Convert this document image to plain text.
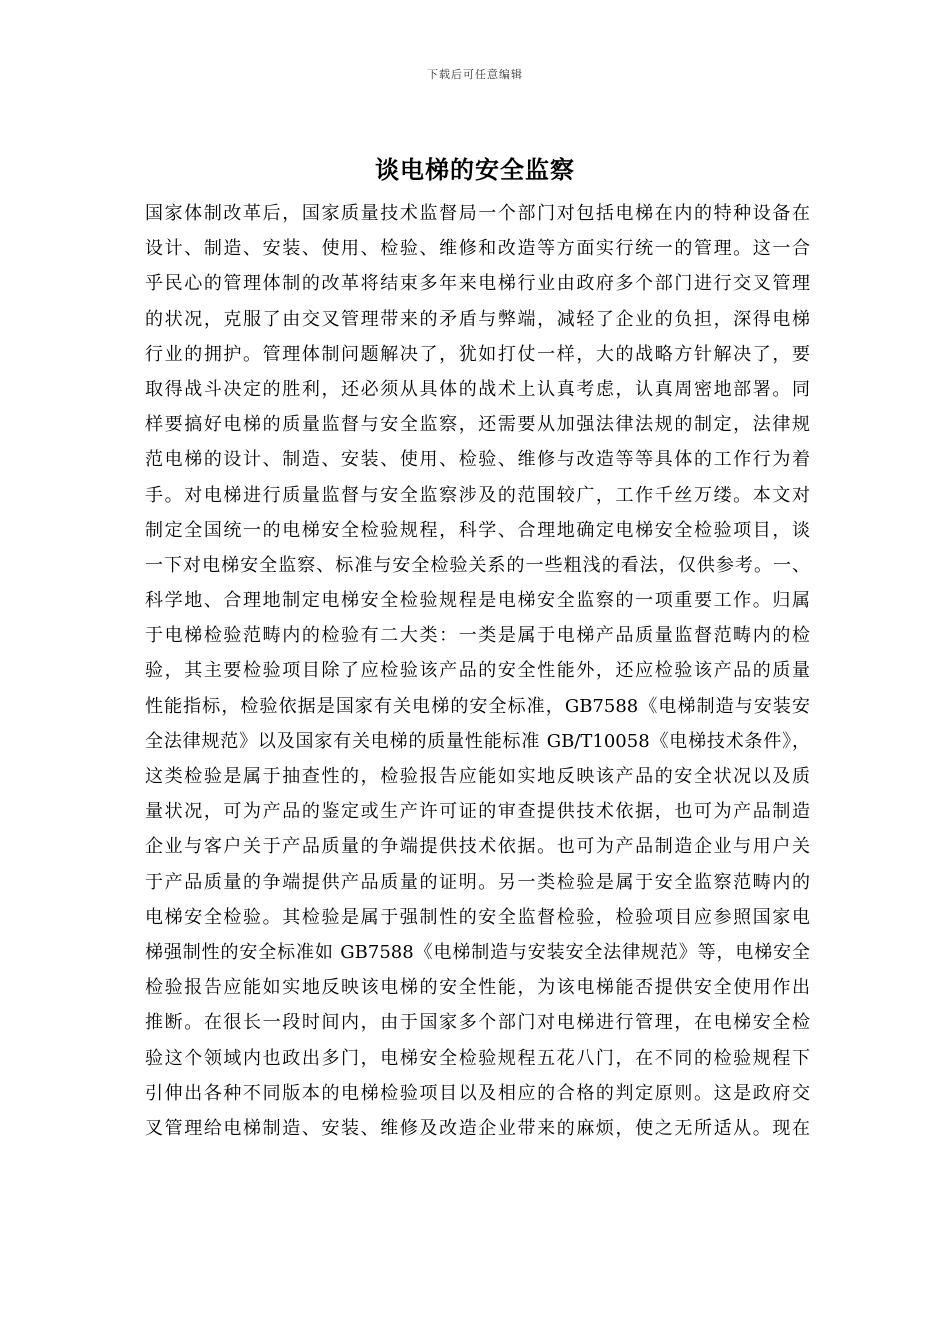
下载后可任意编辑
谈电梯的安全监察
国家体制改革后，国家质量技术监督局一个部门对包括电梯在内的特种设备在
设计、制造、安装、使用、检验、维修和改造等方面实行统一的管理。这一合
乎民心的管理体制的改革将结束多年来电梯行业由政府多个部门进行交叉管理
的状况，克服了由交叉管理带来的矛盾与弊端，减轻了企业的负担，深得电梯
行业的拥护。管理体制问题解决了，犹如打仗一样，大的战略方针解决了，要
取得战斗决定的胜利，还必须从具体的战术上认真考虑，认真周密地部署。同
样要搞好电梯的质量监督与安全监察，还需要从加强法律法规的制定，法律规
范电梯的设计、制造、安装、使用、检验、维修与改造等等具体的工作行为着
手。对电梯进行质量监督与安全监察涉及的范围较广，工作千丝万缕。本文对
制定全国统一的电梯安全检验规程，科学、合理地确定电梯安全检验项目，谈
一下对电梯安全监察、标准与安全检验关系的一些粗浅的看法，仅供参考。一、
科学地、合理地制定电梯安全检验规程是电梯安全监察的一项重要工作。归属
于电梯检验范畴内的检验有二大类：一类是属于电梯产品质量监督范畴内的检
验，其主要检验项目除了应检验该产品的安全性能外，还应检验该产品的质量
性能指标，检验依据是国家有关电梯的安全标准，GB7588《电梯制造与安装安
全法律规范》以及国家有关电梯的质量性能标准 GB/T10058《电梯技术条件》，
这类检验是属于抽查性的，检验报告应能如实地反映该产品的安全状况以及质
量状况，可为产品的鉴定或生产许可证的审查提供技术依据，也可为产品制造
企业与客户关于产品质量的争端提供技术依据。也可为产品制造企业与用户关
于产品质量的争端提供产品质量的证明。另一类检验是属于安全监察范畴内的
电梯安全检验。其检验是属于强制性的安全监督检验，检验项目应参照国家电
梯强制性的安全标准如 GB7588《电梯制造与安装安全法律规范》等，电梯安全
检验报告应能如实地反映该电梯的安全性能，为该电梯能否提供安全使用作出
推断。在很长一段时间内，由于国家多个部门对电梯进行管理，在电梯安全检
验这个领域内也政出多门，电梯安全检验规程五花八门，在不同的检验规程下
引伸出各种不同版本的电梯检验项目以及相应的合格的判定原则。这是政府交
叉管理给电梯制造、安装、维修及改造企业带来的麻烦，使之无所适从。现在
